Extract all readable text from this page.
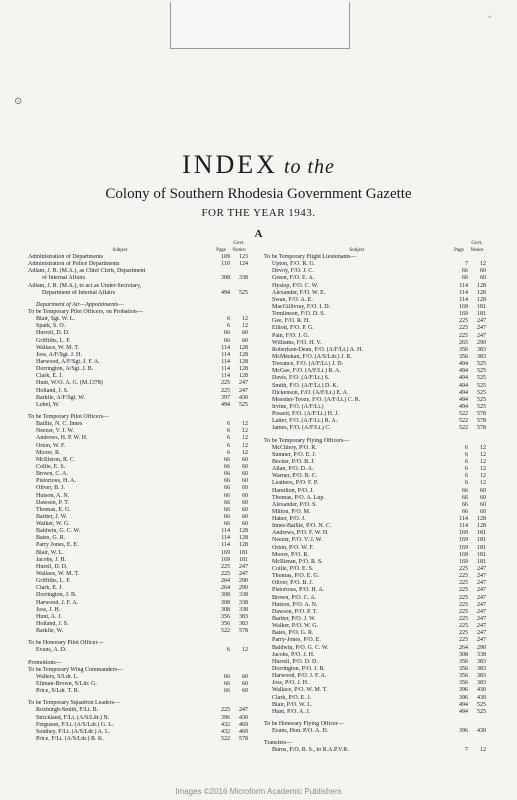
⊙
◦
INDEX to the
Colony of Southern Rhodesia Government Gazette
FOR THE YEAR 1943.
A
Subject	Page
Govt.
Notice
Administration of Departments	109	123
Administration of Police Departments	110	124
Adlam, J. R. (M.A.), as Chief Clerk, Department
of Internal Affairs	308	338
Adlam, J. R. (M.A.), to act as Under-Secretary,
Department of Internal Affairs	494	525
Department of Air—Appointments—
To be Temporary Pilot Officers, on Probation—
Blair, Sgt. W. L.	6	12
Spark, S. O.	6	12
Hurrell, D. D.	66	60
Griffiths, L. F.	66	60
Wallace, W. M. T.	114	128
Joss, A/F/Sgt. J. H.	114	128
Harwood, A/F/Sgt. J. F. A.	114	128
Dorrington, A/Sgt. J. B.	114	128
Clark, E. J.	114	128
Hunt, W/O. A. G. (M.1378)	225	247
Holland, J. S.	225	247
Barklie, A/F/Sgt. W.	397	430
Lobel, W.	494	525
To be Temporary Pilot Officers—
Baillie, N. C. Innes	6	12
Neezer, V. J. W.	6	12
Andrews, H. P. W. H.	6	12
Orton, W. F.	6	12
Moore, R.	6	12
McIlleron, R. C.	66	60
Collie, E. S.	66	60
Brown, C. A.	66	60
Pistorious, H. A.	66	60
Oliver, B. J.	66	60
Hutson, A. N.	66	60
Dawson, P. T.	66	60
Thomas, E. G.	66	60
Bartter, J. W.	66	60
Walker, W. G.	66	60
Baldwin, G. C. W.	114	128
Bates, G. R.	114	128
Parry Jones, E. E.	114	128
Blair, W. L.	169	181
Jacobs, J. H.	169	181
Hurell, D. D.	225	247
Wallace, W. M. T.	225	247
Griffiths, L. F.	264	290
Clark, E. J.	264	290
Dorrington, J. B.	308	338
Harwood, J. F. A.	308	338
Joss, J. H.	308	338
Hunt, A. J.	356	383
Holland, J. S.	356	383
Barklie, W.	522	578
To be Honorary Pilot Officer—
Evans, A. D.	6	12
Promotions—
To be Temporary Wing Commanders—
Walters, S/Ldr. L.	66	60
Ellman-Brown, S/Ldr. G.	66	60
Price, S/Ldr. T. R.	66	60
To be Temporary Squadron Leaders—
Roxburgh-Smith, F/Lt. B.	225	247
Strickland, F/Lt. (A/S/Ldr.) N.	396	430
Ferguson, F/Lt. (A/S/Ldr.) G. L.	432	469
Southey, F/Lt. (A/S/Ldr.) A. L.	432	469
Price, F/Lt. (A/S/Ldr.) R. K.	522	578
Subject	Page
Govt.
Notice
To be Temporary Flight Lieutenants—
Upton, F/O. R. G.	7	12
Devoy, F/O. J. C.	66	60
Green, F/O. E. A.	66	60
Hyslop, F/O. C. W.	114	128
Alexander, F/O. W. E.	114	128
Swan, F/O. A. E.	114	128
MacGillivray, F/O. I. D.	169	181
Tomlinson, F/O. D. S.	169	181
Gee, F/O. R. H.	225	247
Elliott, F/O. P. G.	225	247
Pain, F/O. J. G.	225	247
Williams, F/O. H. V.	265	290
Robertson-Dean, F/O. (A/F/Lt.) A. H.	356	383
McMeekan, F/O. (A/S/Ldr.) J. R.	356	383
Torrance, F/O. (A/F/Lt.) J. D.	494	525
McGee, F/O. (A/F/Lt.) R. A.	494	525
Davis, F/O. (A/F/Lt.) S.	494	525
Smith, F/O. (A/F/Lt.) D. K.	494	525
Dickenson, F/O. (A/F/Lt.) E. A.	494	525
Messiter-Tooze, F/O. (A/F/Lt.) C. R.	494	525
Irvine, F/O. (A/F/Lt.)	494	525
Possett, F/O. (A/F/Lt.) H. J.	522	578
Latter, F/O. (A/F/Lt.) R. A.	522	578
James, F/O. (A/F/Lt.) C.	522	578
To be Temporary Flying Officers—
McChlery, P/O. R.	6	12
Sumner, P/O. E. J.	6	12
Becker, P/O. B. J.	6	12
Allan, P/O. D. A.	6	12
Warner, P/O. B. C.	6	12
Leathers, P/O. F. P.	6	12
Hamilton, P/O. J.	66	60
Thomas, P/O. A. Lup.	66	60
Alexander, P/O. S.	66	60
Milton, P/O. M.	66	60
Haker, P/O. J.	114	128
Innes-Baillie, P/O. N. C.	114	128
Andrews, P/O. F. W. H.	169	181
Neezer, P/O. V. J. W.	169	181
Orton, P/O. W. F.	169	181
Moore, P/O. R.	169	181
McIlleran, P/O. R. S.	169	181
Collie, P/O. E. S.	225	247
Thomas, P/O. E. G.	225	247
Oliver, P/O. B. J.	225	247
Pistorious, P/O. H. A.	225	247
Brown, P/O. C. A.	225	247
Hutson, P/O. A. N.	225	247
Dawson, P/O. P. T.	225	247
Bartter, P/O. J. W.	225	247
Walker, P/O. W. G.	225	247
Bates, P/O. G. R.	225	247
Parry-Jones, P/O. E.	225	247
Baldwin, P/O. G. C. W.	264	290
Jacobs, P/O. J. H.	308	338
Hurrell, P/O. D. D.	356	383
Dorrington, P/O. J. B.	356	383
Harwood, P/O. J. F. A.	356	383
Joss, P/O. J. H.	356	383
Wallace, P/O. W. M. T.	396	430
Clark, P/O. E. J.	396	430
Blair, P/O. W. L.	494	525
Hunt, P/O. A. J.	494	525
To be Honorary Flying Officer—
Evans, Hon. P/O. A. D.	396	430
Transfers—
Burns, F/O. R. S., to R.A.P.V.R.	7	12
Images ©2016 Microform Academic Publishers
